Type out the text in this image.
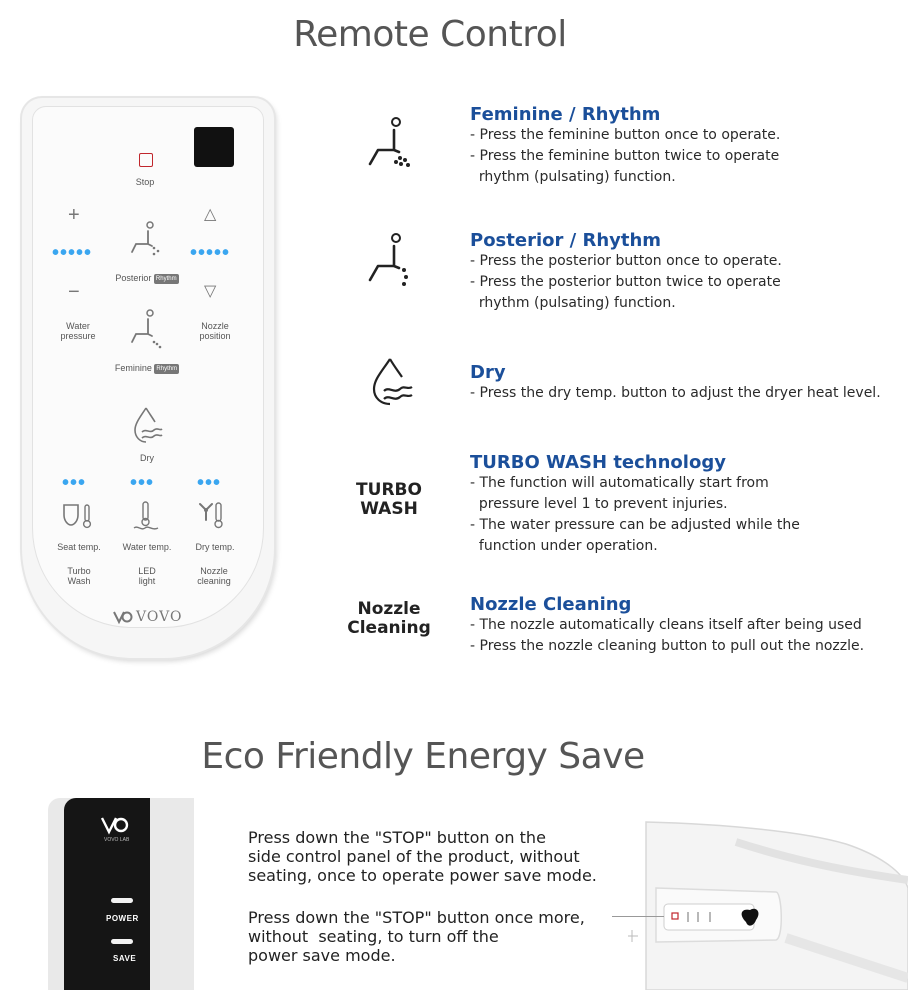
Remote Control
Stop
+	△
•••••	•••••
Posterior Rhythm
−	▽
Water
pressure
Nozzle
position
Feminine Rhythm
Dry
••• ••• •••
Seat temp.	Water temp.	Dry temp.
Turbo
Wash
LED
light
Nozzle
cleaning
VOVO
TURBO
WASH
Nozzle
Cleaning
Feminine / Rhythm
- Press the feminine button once to operate.
- Press the feminine button twice to operate
rhythm (pulsating) function.
Posterior / Rhythm
- Press the posterior button once to operate.
- Press the posterior button twice to operate
rhythm (pulsating) function.
Dry
- Press the dry temp. button to adjust the dryer heat level.
TURBO WASH technology
- The function will automatically start from
pressure level 1 to prevent injuries.
- The water pressure can be adjusted while the
function under operation.
Nozzle Cleaning
- The nozzle automatically cleans itself after being used
- Press the nozzle cleaning button to pull out the nozzle.
Eco Friendly Energy Save
VOVO LAB
POWER
SAVE
Press down the "STOP" button on the
side control panel of the product, without
seating, once to operate power save mode.
Press down the "STOP" button once more,
without  seating, to turn off the
power save mode.
